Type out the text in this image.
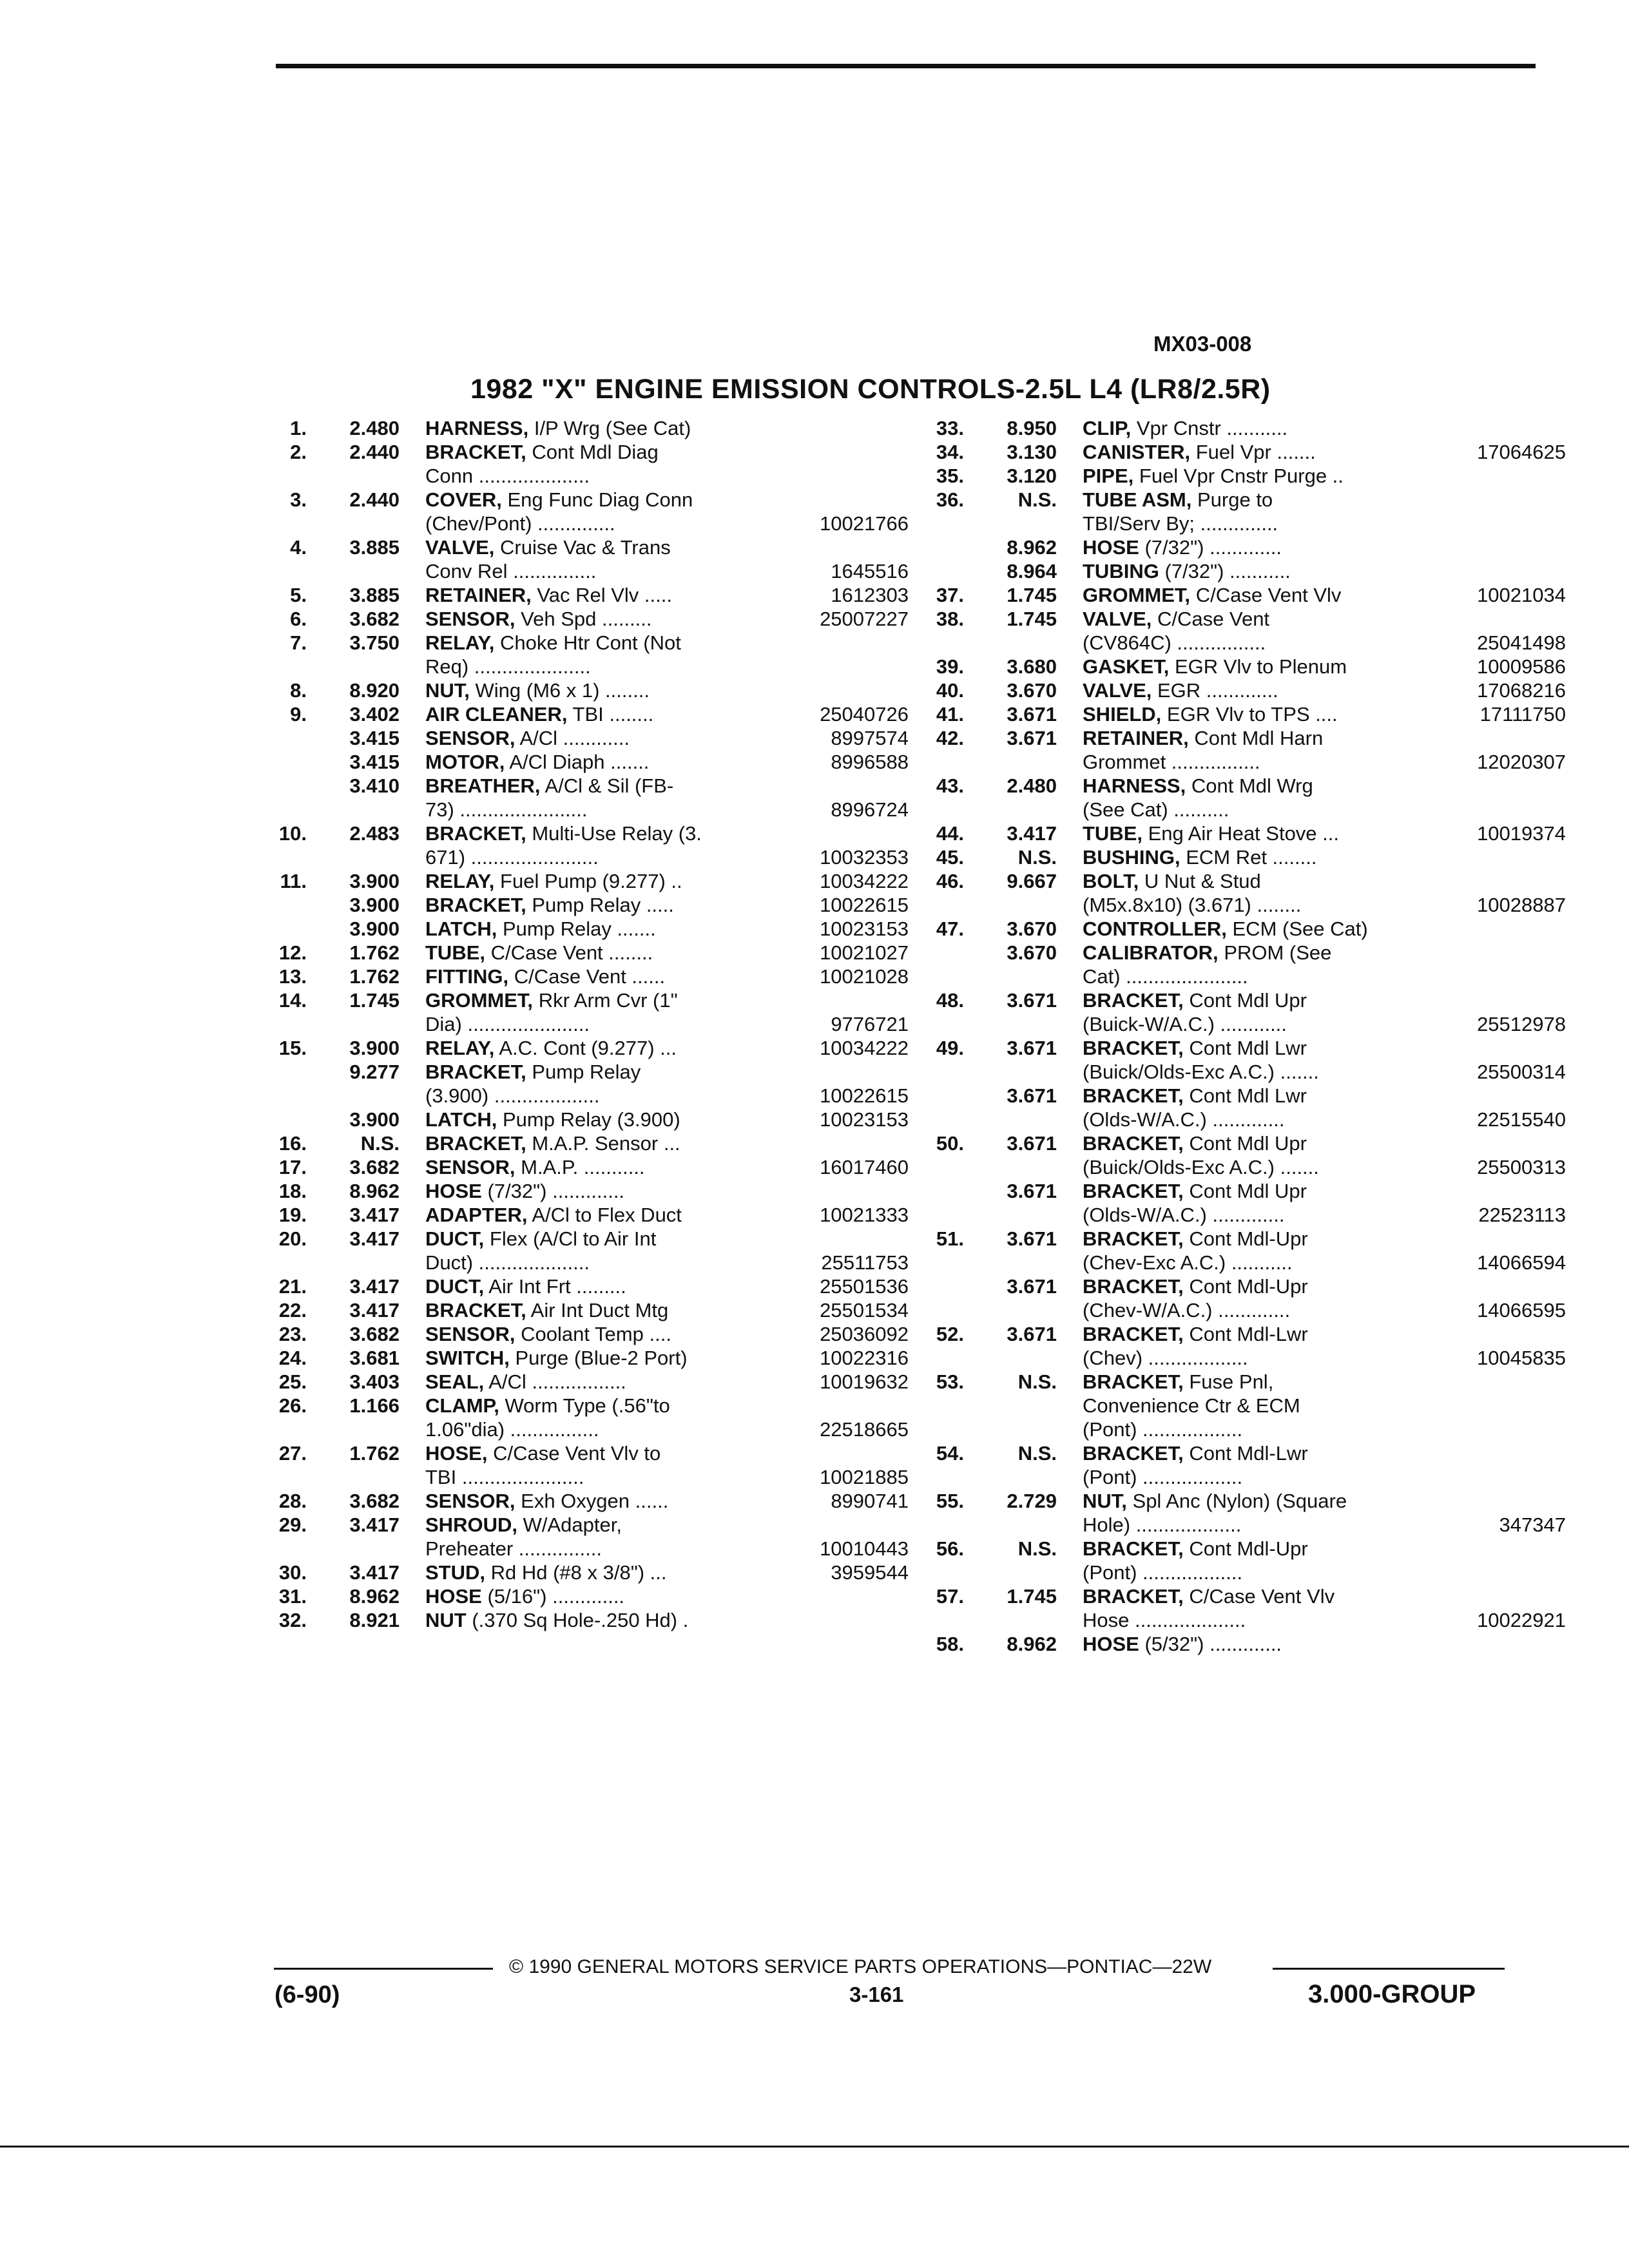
MX03-008
1982 "X" ENGINE EMISSION CONTROLS-2.5L L4 (LR8/2.5R)
1.	2.480 HARNESS, I/P Wrg (See Cat)
2.	2.440 BRACKET, Cont Mdl Diag
Conn ....................
3.	2.440 COVER, Eng Func Diag Conn
(Chev/Pont) ..............	10021766
4.	3.885 VALVE, Cruise Vac & Trans
Conv Rel ...............	1645516
5.	3.885 RETAINER, Vac Rel Vlv .....	1612303
6.	3.682 SENSOR, Veh Spd .........	25007227
7.	3.750 RELAY, Choke Htr Cont (Not
Req) .....................
8.	8.920 NUT, Wing (M6 x 1) ........
9.	3.402 AIR CLEANER, TBI ........	25040726
3.415 SENSOR, A/Cl ............	8997574
3.415 MOTOR, A/Cl Diaph .......	8996588
3.410 BREATHER, A/Cl & Sil (FB-
73) .......................	8996724
10.	2.483 BRACKET, Multi-Use Relay (3.
671) .......................	10032353
11.	3.900 RELAY, Fuel Pump (9.277) ..	10034222
3.900 BRACKET, Pump Relay .....	10022615
3.900 LATCH, Pump Relay .......	10023153
12.	1.762 TUBE, C/Case Vent ........	10021027
13.	1.762 FITTING, C/Case Vent ......	10021028
14.	1.745 GROMMET, Rkr Arm Cvr (1"
Dia) ......................	9776721
15.	3.900 RELAY, A.C. Cont (9.277) ...	10034222
9.277 BRACKET, Pump Relay
(3.900) ...................	10022615
3.900 LATCH, Pump Relay (3.900)	10023153
16.	N.S. BRACKET, M.A.P. Sensor ...
17.	3.682 SENSOR, M.A.P. ...........	16017460
18.	8.962 HOSE (7/32") .............
19.	3.417 ADAPTER, A/Cl to Flex Duct	10021333
20.	3.417 DUCT, Flex (A/Cl to Air Int
Duct) ....................	25511753
21.	3.417 DUCT, Air Int Frt .........	25501536
22.	3.417 BRACKET, Air Int Duct Mtg	25501534
23.	3.682 SENSOR, Coolant Temp ....	25036092
24.	3.681 SWITCH, Purge (Blue-2 Port)	10022316
25.	3.403 SEAL, A/Cl .................	10019632
26.	1.166 CLAMP, Worm Type (.56"to
1.06"dia) ................	22518665
27.	1.762 HOSE, C/Case Vent Vlv to
TBI ......................	10021885
28.	3.682 SENSOR, Exh Oxygen ......	8990741
29.	3.417 SHROUD, W/Adapter,
Preheater ...............	10010443
30.	3.417 STUD, Rd Hd (#8 x 3/8") ...	3959544
31.	8.962 HOSE (5/16") .............
32.	8.921 NUT (.370 Sq Hole-.250 Hd) .
33.	8.950 CLIP, Vpr Cnstr ...........
34.	3.130 CANISTER, Fuel Vpr .......	17064625
35.	3.120 PIPE, Fuel Vpr Cnstr Purge ..
36.	N.S. TUBE ASM, Purge to
TBI/Serv By; ..............
8.962 HOSE (7/32") .............
8.964 TUBING (7/32") ...........
37.	1.745 GROMMET, C/Case Vent Vlv	10021034
38.	1.745 VALVE, C/Case Vent
(CV864C) ................	25041498
39.	3.680 GASKET, EGR Vlv to Plenum	10009586
40.	3.670 VALVE, EGR .............	17068216
41.	3.671 SHIELD, EGR Vlv to TPS ....	17111750
42.	3.671 RETAINER, Cont Mdl Harn
Grommet ................	12020307
43.	2.480 HARNESS, Cont Mdl Wrg
(See Cat) ..........
44.	3.417 TUBE, Eng Air Heat Stove ...	10019374
45.	N.S. BUSHING, ECM Ret ........
46.	9.667 BOLT, U Nut & Stud
(M5x.8x10) (3.671) ........	10028887
47.	3.670 CONTROLLER, ECM (See Cat)
3.670 CALIBRATOR, PROM (See
Cat) ......................
48.	3.671 BRACKET, Cont Mdl Upr
(Buick-W/A.C.) ............	25512978
49.	3.671 BRACKET, Cont Mdl Lwr
(Buick/Olds-Exc A.C.) .......	25500314
3.671 BRACKET, Cont Mdl Lwr
(Olds-W/A.C.) .............	22515540
50.	3.671 BRACKET, Cont Mdl Upr
(Buick/Olds-Exc A.C.) .......	25500313
3.671 BRACKET, Cont Mdl Upr
(Olds-W/A.C.) .............	22523113
51.	3.671 BRACKET, Cont Mdl-Upr
(Chev-Exc A.C.) ...........	14066594
3.671 BRACKET, Cont Mdl-Upr
(Chev-W/A.C.) .............	14066595
52.	3.671 BRACKET, Cont Mdl-Lwr
(Chev) ..................	10045835
53.	N.S. BRACKET, Fuse Pnl,
Convenience Ctr & ECM
(Pont) ..................
54.	N.S. BRACKET, Cont Mdl-Lwr
(Pont) ..................
55.	2.729 NUT, Spl Anc (Nylon) (Square
Hole) ...................	347347
56.	N.S. BRACKET, Cont Mdl-Upr
(Pont) ..................
57.	1.745 BRACKET, C/Case Vent Vlv
Hose ....................	10022921
58.	8.962 HOSE (5/32") .............
© 1990 GENERAL MOTORS SERVICE PARTS OPERATIONS—PONTIAC—22W
(6-90)	3-161	3.000-GROUP
